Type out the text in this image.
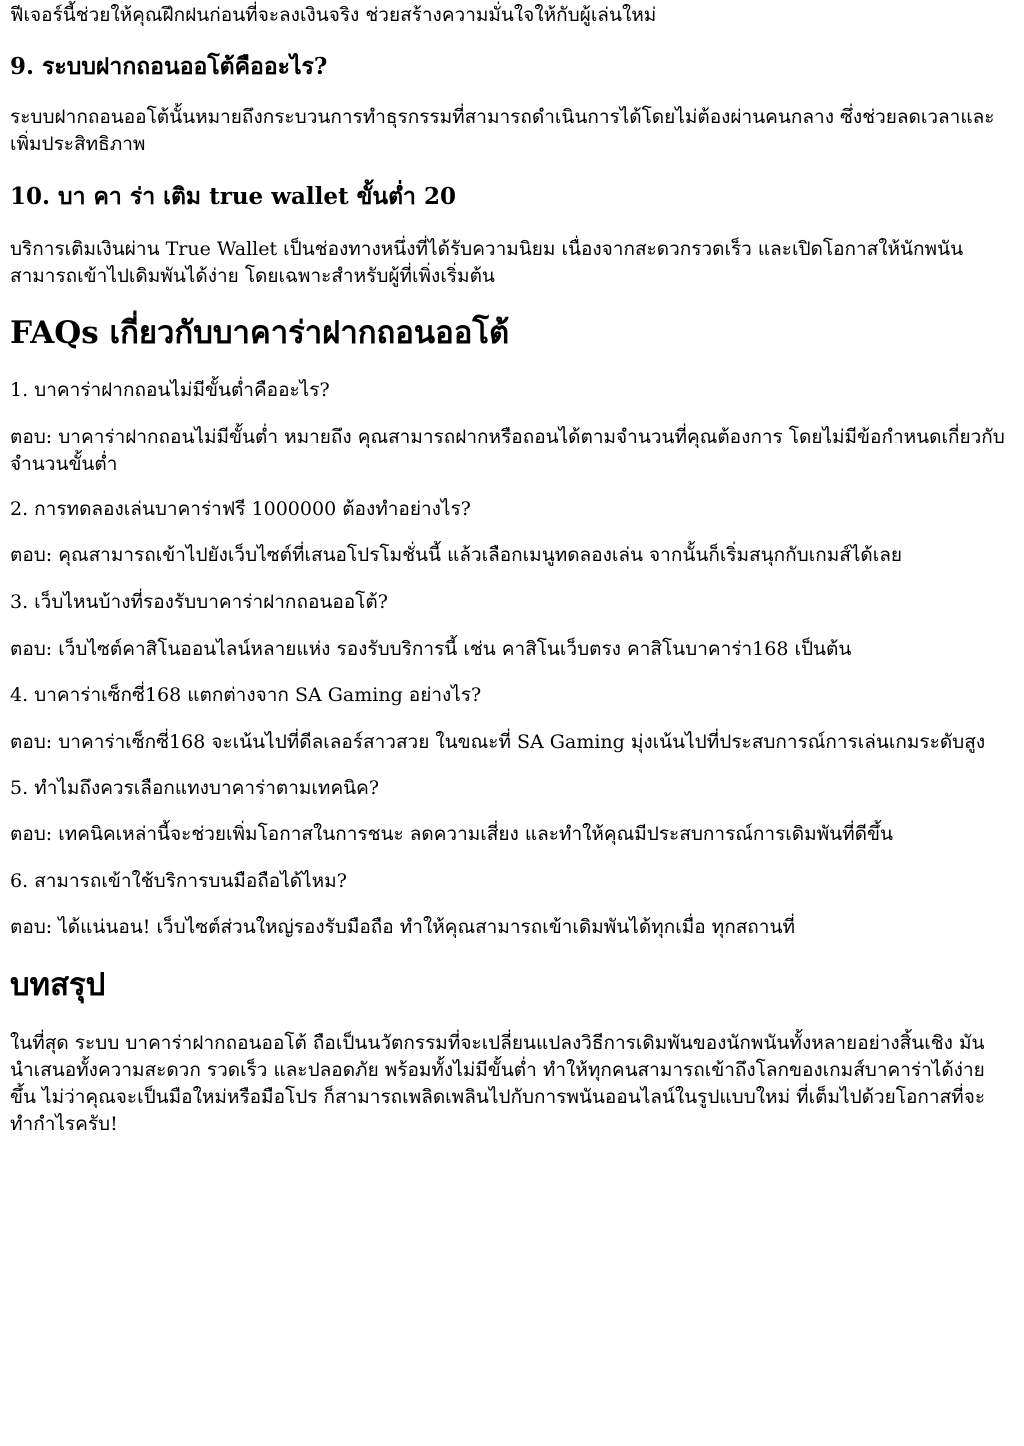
ฟีเจอร์นี้ช่วยให้คุณฝึกฝนก่อนที่จะลงเงินจริง ช่วยสร้างความมั่นใจให้กับผู้เล่นใหม่

9. ระบบฝากถอนออโต้คืออะไร?

ระบบฝากถอนออโต้นั้นหมายถึงกระบวนการทำธุรกรรมที่สามารถดำเนินการได้โดยไม่ต้องผ่านคนกลาง ซึ่งช่วยลดเวลาและเพิ่มประสิทธิภาพ

10. บา คา ร่า เติม true wallet ขั้นต่ำ 20

บริการเติมเงินผ่าน True Wallet เป็นช่องทางหนึ่งที่ได้รับความนิยม เนื่องจากสะดวกรวดเร็ว และเปิดโอกาสให้นักพนันสามารถเข้าไปเดิมพันได้ง่าย โดยเฉพาะสำหรับผู้ที่เพิ่งเริ่มต้น

FAQs เกี่ยวกับบาคาร่าฝากถอนออโต้

1. บาคาร่าฝากถอนไม่มีขั้นต่ำคืออะไร?

ตอบ: บาคาร่าฝากถอนไม่มีขั้นต่ำ หมายถึง คุณสามารถฝากหรือถอนได้ตามจำนวนที่คุณต้องการ โดยไม่มีข้อกำหนดเกี่ยวกับจำนวนขั้นต่ำ

2. การทดลองเล่นบาคาร่าฟรี 1000000 ต้องทำอย่างไร?

ตอบ: คุณสามารถเข้าไปยังเว็บไซต์ที่เสนอโปรโมชั่นนี้ แล้วเลือกเมนูทดลองเล่น จากนั้นก็เริ่มสนุกกับเกมส์ได้เลย

3. เว็บไหนบ้างที่รองรับบาคาร่าฝากถอนออโต้?

ตอบ: เว็บไซต์คาสิโนออนไลน์หลายแห่ง รองรับบริการนี้ เช่น คาสิโนเว็บตรง คาสิโนบาคาร่า168 เป็นต้น

4. บาคาร่าเซ็กซี่168 แตกต่างจาก SA Gaming อย่างไร?

ตอบ: บาคาร่าเซ็กซี่168 จะเน้นไปที่ดีลเลอร์สาวสวย ในขณะที่ SA Gaming มุ่งเน้นไปที่ประสบการณ์การเล่นเกมระดับสูง

5. ทำไมถึงควรเลือกแทงบาคาร่าตามเทคนิค?

ตอบ: เทคนิคเหล่านี้จะช่วยเพิ่มโอกาสในการชนะ ลดความเสี่ยง และทำให้คุณมีประสบการณ์การเดิมพันที่ดีขึ้น

6. สามารถเข้าใช้บริการบนมือถือได้ไหม?

ตอบ: ได้แน่นอน! เว็บไซต์ส่วนใหญ่รองรับมือถือ ทำให้คุณสามารถเข้าเดิมพันได้ทุกเมื่อ ทุกสถานที่

บทสรุป

ในที่สุด ระบบ บาคาร่าฝากถอนออโต้ ถือเป็นนวัตกรรมที่จะเปลี่ยนแปลงวิธีการเดิมพันของนักพนันทั้งหลายอย่างสิ้นเชิง มันนำเสนอทั้งความสะดวก รวดเร็ว และปลอดภัย พร้อมทั้งไม่มีขั้นต่ำ ทำให้ทุกคนสามารถเข้าถึงโลกของเกมส์บาคาร่าได้ง่ายขึ้น ไม่ว่าคุณจะเป็นมือใหม่หรือมือโปร ก็สามารถเพลิดเพลินไปกับการพนันออนไลน์ในรูปแบบใหม่ ที่เต็มไปด้วยโอกาสที่จะทำกำไรครับ!
